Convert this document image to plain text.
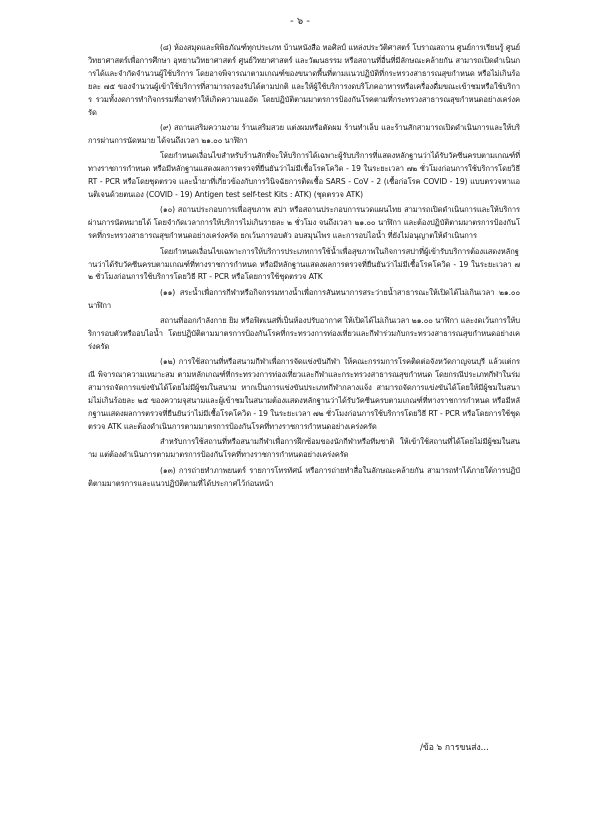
- ๖ -

(๘) ห้องสมุดและพิพิธภัณฑ์ทุกประเภท บ้านหนังสือ หอศิลป์ แหล่งประวัติศาสตร์ โบราณสถาน ศูนย์การเรียนรู้ ศูนย์วิทยาศาสตร์เพื่อการศึกษา อุทยานวิทยาศาสตร์ ศูนย์วิทยาศาสตร์ และวัฒนธรรม หรือสถานที่อื่นที่มีลักษณะคล้ายกัน สามารถเปิดดำเนินการได้และจำกัดจำนวนผู้ใช้บริการ โดยอาจพิจารณาตามเกณฑ์ของขนาดพื้นที่ตามแนวปฏิบัติที่กระทรวงสาธารณสุขกำหนด หรือไม่เกินร้อยละ ๗๕ ของจำนวนผู้เข้าใช้บริการที่สามารถรองรับได้ตามปกติ และให้ผู้ใช้บริการงดบริโภคอาหารหรือเครื่องดื่มขณะเข้าชมหรือใช้บริการ รวมทั้งงดการทำกิจกรรมที่อาจทำให้เกิดความแออัด โดยปฏิบัติตามมาตรการป้องกันโรคตามที่กระทรวงสาธารณสุขกำหนดอย่างเคร่งครัด

(๙) สถานเสริมความงาม ร้านเสริมสวย แต่งผมหรือตัดผม ร้านทำเล็บ และร้านสักสามารถเปิดดำเนินการและให้บริการผ่านการนัดหมาย ได้จนถึงเวลา ๒๑.๐๐ นาฬิกา

โดยกำหนดเงื่อนไขสำหรับร้านสักที่จะให้บริการได้เฉพาะผู้รับบริการที่แสดงหลักฐานว่าได้รับวัคซีนครบตามเกณฑ์ที่ทางราชการกำหนด หรือมีหลักฐานแสดงผลการตรวจที่ยืนยันว่าไม่มีเชื้อโรคโควิด - 19 ในระยะเวลา ๗๒ ชั่วโมงก่อนการใช้บริการโดยวิธี RT - PCR หรือโดยชุดตรวจ และน้ำยาที่เกี่ยวข้องกับการวินิจฉัยการติดเชื้อ SARS - CoV - 2 (เชื้อก่อโรค COVID - 19) แบบตรวจหาแอนติเจนด้วยตนเอง (COVID - 19) Antigen test self-test Kits : ATK) (ชุดตรวจ ATK)

(๑๐) สถานประกอบการเพื่อสุขภาพ สปา หรือสถานประกอบการนวดแผนไทย สามารถเปิดดำเนินการและให้บริการผ่านการนัดหมายได้ โดยจำกัดเวลาการให้บริการไม่เกินรายละ ๒ ชั่วโมง จนถึงเวลา ๒๑.๐๐ นาฬิกา และต้องปฏิบัติตามมาตรการป้องกันโรคที่กระทรวงสาธารณสุขกำหนดอย่างเคร่งครัด ยกเว้นการอบตัว อบสมุนไพร และการอบไอน้ำ ที่ยังไม่อนุญาตให้ดำเนินการ

โดยกำหนดเงื่อนไขเฉพาะการให้บริการประเภทการใช้น้ำเพื่อสุขภาพในกิจการสปาที่ผู้เข้ารับบริการต้องแสดงหลักฐานว่าได้รับวัคซีนครบตามเกณฑ์ที่ทางราชการกำหนด หรือมีหลักฐานแสดงผลการตรวจที่ยืนยันว่าไม่มีเชื้อโรคโควิด - 19 ในระยะเวลา ๗๒ ชั่วโมงก่อนการใช้บริการโดยวิธี RT - PCR หรือโดยการใช้ชุดตรวจ ATK

(๑๑) สระน้ำเพื่อการกีฬาหรือกิจกรรมทางน้ำเพื่อการสันทนาการสระว่ายน้ำสาธารณะให้เปิดได้ไม่เกินเวลา ๒๑.๐๐ นาฬิกา

สถานที่ออกกำลังกาย ยิม หรือฟิตเนสที่เป็นห้องปรับอากาศ ให้เปิดได้ไม่เกินเวลา ๒๑.๐๐ นาฬิกา และงดเว้นการให้บริการอบตัวหรืออบไอน้ำ โดยปฏิบัติตามมาตรการป้องกันโรคที่กระทรวงการท่องเที่ยวและกีฬาร่วมกับกระทรวงสาธารณสุขกำหนดอย่างเคร่งครัด

(๑๒) การใช้สถานที่หรือสนามกีฬาเพื่อการจัดแข่งขันกีฬา ให้คณะกรรมการโรคติดต่อจังหวัดกาญจนบุรี แล้วแต่กรณี พิจารณาความเหมาะสม ตามหลักเกณฑ์ที่กระทรวงการท่องเที่ยวและกีฬาและกระทรวงสาธารณสุขกำหนด โดยกรณีประเภทกีฬาในร่ม สามารถจัดการแข่งขันได้โดยไม่มีผู้ชมในสนาม หากเป็นการแข่งขันประเภทกีฬากลางแจ้ง สามารถจัดการแข่งขันได้โดยให้มีผู้ชมในสนามไม่เกินร้อยละ ๒๕ ของความจุสนามและผู้เข้าชมในสนามต้องแสดงหลักฐานว่าได้รับวัคซีนครบตามเกณฑ์ที่ทางราชการกำหนด หรือมีหลักฐานแสดงผลการตรวจที่ยืนยันว่าไม่มีเชื้อโรคโควิด - 19 ในระยะเวลา ๗๒ ชั่วโมงก่อนการใช้บริการโดยวิธี RT - PCR หรือโดยการใช้ชุดตรวจ ATK และต้องดำเนินการตามมาตรการป้องกันโรคที่ทางราชการกำหนดอย่างเคร่งครัด

สำหรับการใช้สถานที่หรือสนามกีฬาเพื่อการฝึกซ้อมของนักกีฬาหรือทีมชาติ ให้เข้าใช้สถานที่ได้โดยไม่มีผู้ชมในสนาม แต่ต้องดำเนินการตามมาตรการป้องกันโรคที่ทางราชการกำหนดอย่างเคร่งครัด

(๑๓) การถ่ายทำภาพยนตร์ รายการโทรทัศน์ หรือการถ่ายทำสื่อในลักษณะคล้ายกัน สามารถทำได้ภายใต้การปฏิบัติตามมาตรการและแนวปฏิบัติตามที่ได้ประกาศไว้ก่อนหน้า

/ข้อ ๖ การขนส่ง...
